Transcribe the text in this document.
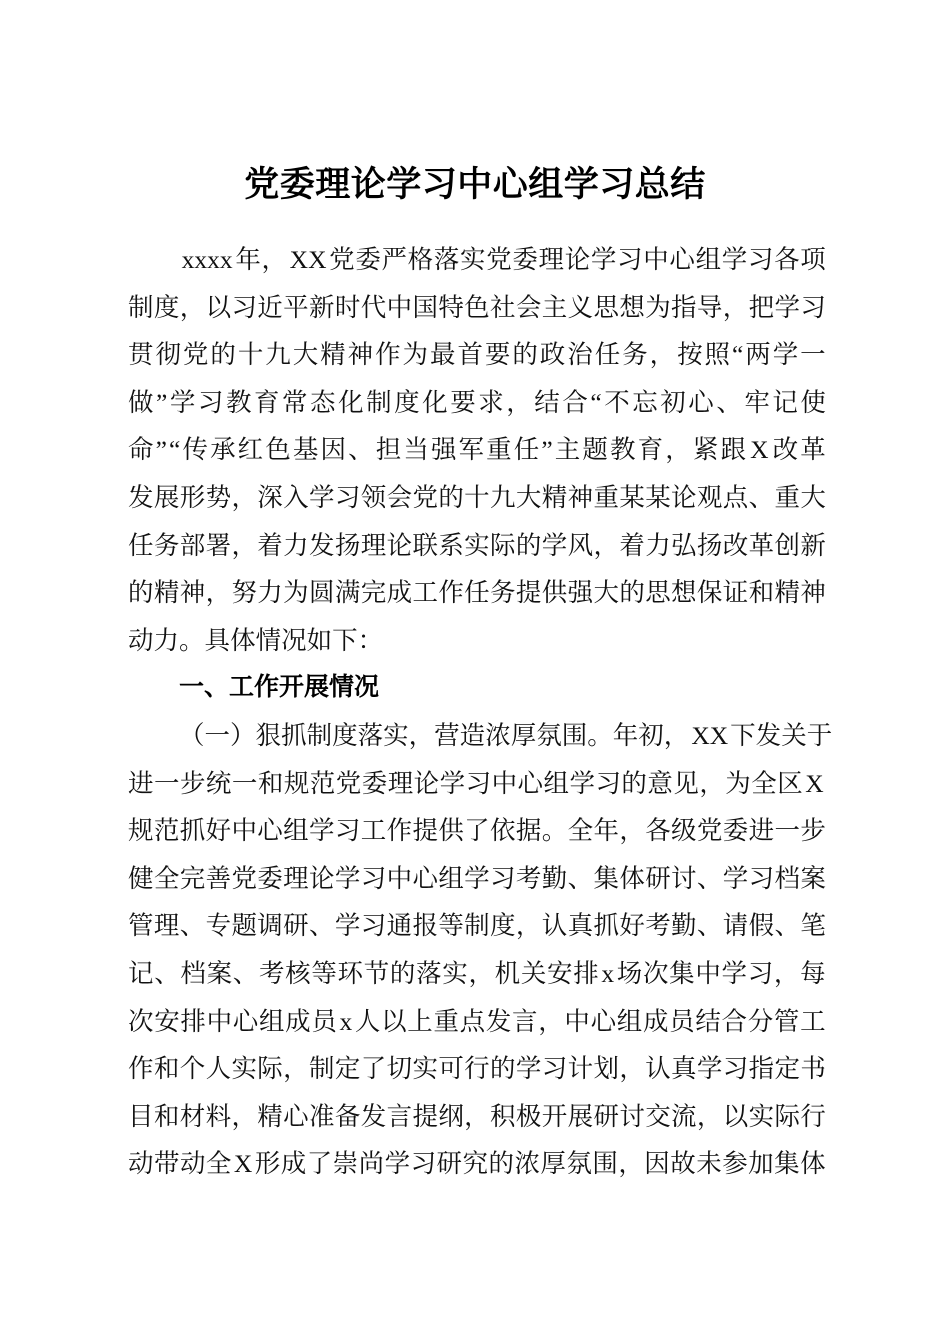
党委理论学习中心组学习总结
xxxx 年 ， XX 党 委 严 格 落 实 党 委 理 论 学 习 中 心 组 学 习 各 项
制 度 ， 以 习 近 平 新 时 代 中 国 特 色 社 会 主 义 思 想 为 指 导 ， 把 学 习
贯 彻 党 的 十 九 大 精 神 作 为 最 首 要 的 政 治 任 务 ， 按 照 “ 两 学 一
做 ” 学 习 教 育 常 态 化 制 度 化 要 求 ， 结 合 “ 不 忘 初 心 、 牢 记 使
命 ” “ 传 承 红 色 基 因 、 担 当 强 军 重 任 ” 主 题 教 育 ， 紧 跟 X 改 革
发 展 形 势 ， 深 入 学 习 领 会 党 的 十 九 大 精 神 重 某 某 论 观 点 、 重 大
任 务 部 署 ， 着 力 发 扬 理 论 联 系 实 际 的 学 风 ， 着 力 弘 扬 改 革 创 新
的 精 神 ， 努 力 为 圆 满 完 成 工 作 任 务 提 供 强 大 的 思 想 保 证 和 精 神
动 力 。 具 体 情 况 如 下 ：
一、工作开展情况
（ 一 ） 狠 抓 制 度 落 实 ， 营 造 浓 厚 氛 围 。 年 初 ， XX 下 发 关 于
进 一 步 统 一 和 规 范 党 委 理 论 学 习 中 心 组 学 习 的 意 见 ， 为 全 区 X
规 范 抓 好 中 心 组 学 习 工 作 提 供 了 依 据 。 全 年 ， 各 级 党 委 进 一 步
健 全 完 善 党 委 理 论 学 习 中 心 组 学 习 考 勤 、 集 体 研 讨 、 学 习 档 案
管 理 、 专 题 调 研 、 学 习 通 报 等 制 度 ， 认 真 抓 好 考 勤 、 请 假 、 笔
记 、 档 案 、 考 核 等 环 节 的 落 实 ， 机 关 安 排 x 场 次 集 中 学 习 ， 每
次 安 排 中 心 组 成 员 x 人 以 上 重 点 发 言 ， 中 心 组 成 员 结 合 分 管 工
作 和 个 人 实 际 ， 制 定 了 切 实 可 行 的 学 习 计 划 ， 认 真 学 习 指 定 书
目 和 材 料 ， 精 心 准 备 发 言 提 纲 ， 积 极 开 展 研 讨 交 流 ， 以 实 际 行
动 带 动 全 X 形 成 了 崇 尚 学 习 研 究 的 浓 厚 氛 围 ， 因 故 未 参 加 集 体
